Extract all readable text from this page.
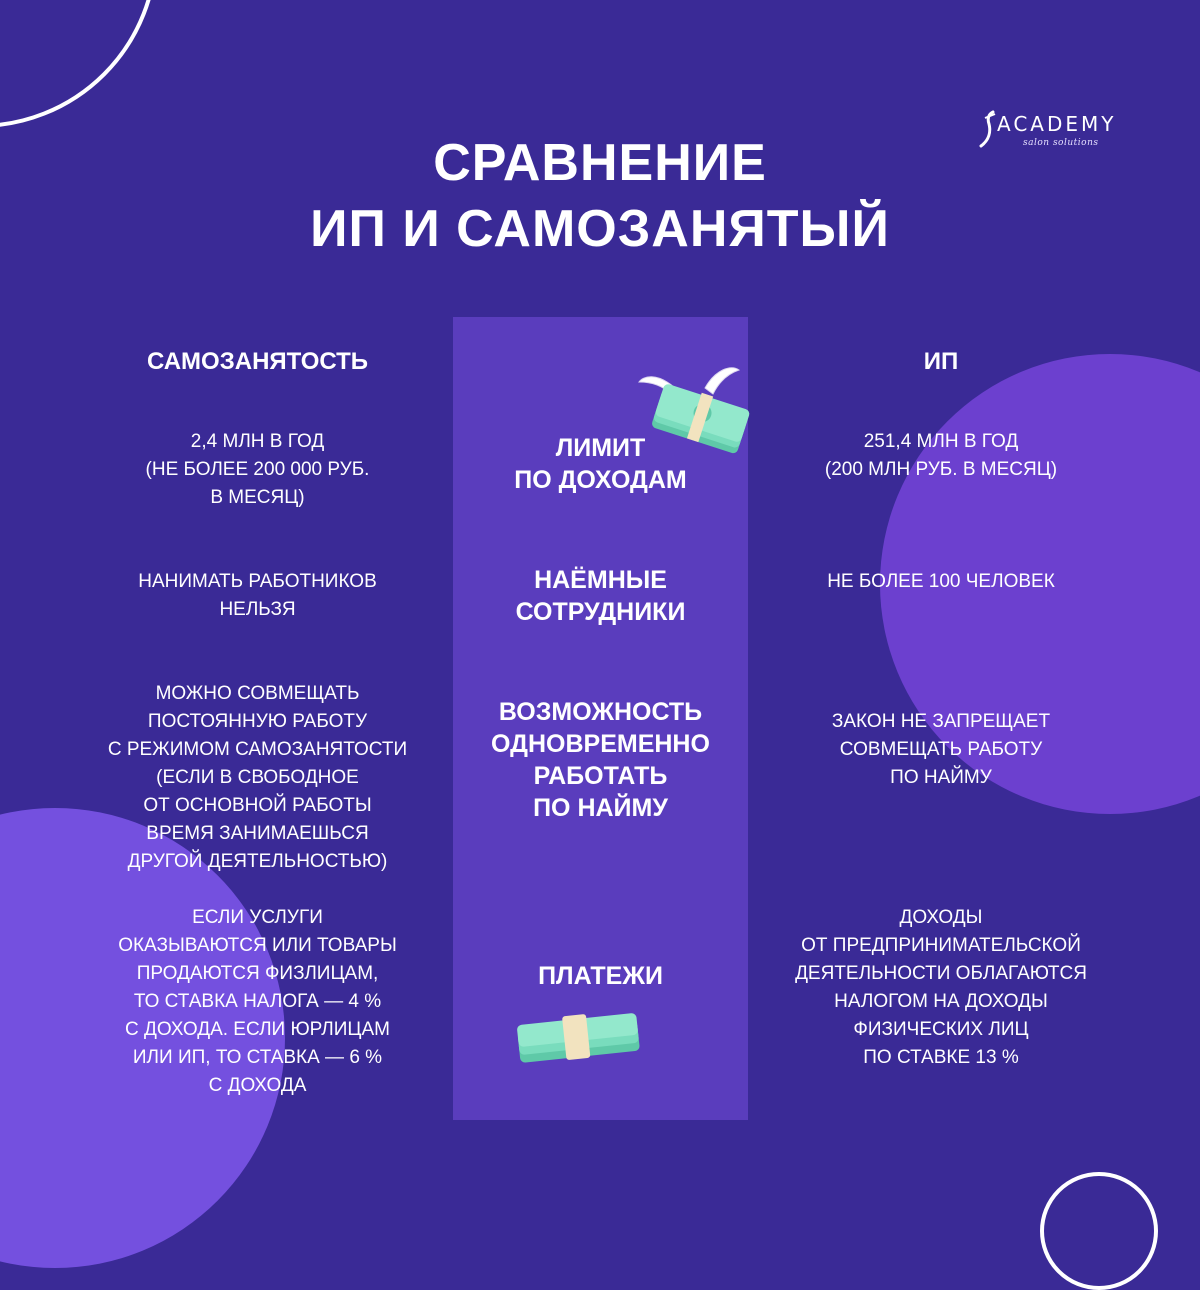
ACADEMY
salon solutions
СРАВНЕНИЕ
ИП И САМОЗАНЯТЫЙ
САМОЗАНЯТОСТЬ	ИП
2,4 МЛН В ГОД
(НЕ БОЛЕЕ 200 000 РУБ.
В МЕСЯЦ)
ЛИМИТ
ПО ДОХОДАМ
251,4 МЛН В ГОД
(200 МЛН РУБ. В МЕСЯЦ)
НАНИМАТЬ РАБОТНИКОВ
НЕЛЬЗЯ
НАЁМНЫЕ
СОТРУДНИКИ
НЕ БОЛЕЕ 100 ЧЕЛОВЕК
МОЖНО СОВМЕЩАТЬ
ПОСТОЯННУЮ РАБОТУ
С РЕЖИМОМ САМОЗАНЯТОСТИ
(ЕСЛИ В СВОБОДНОЕ
ОТ ОСНОВНОЙ РАБОТЫ
ВРЕМЯ ЗАНИМАЕШЬСЯ
ДРУГОЙ ДЕЯТЕЛЬНОСТЬЮ)
ВОЗМОЖНОСТЬ
ОДНОВРЕМЕННО
РАБОТАТЬ
ПО НАЙМУ
ЗАКОН НЕ ЗАПРЕЩАЕТ
СОВМЕЩАТЬ РАБОТУ
ПО НАЙМУ
ЕСЛИ УСЛУГИ
ОКАЗЫВАЮТСЯ ИЛИ ТОВАРЫ
ПРОДАЮТСЯ ФИЗЛИЦАМ,
ТО СТАВКА НАЛОГА — 4 %
С ДОХОДА. ЕСЛИ ЮРЛИЦАМ
ИЛИ ИП, ТО СТАВКА — 6 %
С ДОХОДА
ПЛАТЕЖИ
ДОХОДЫ
ОТ ПРЕДПРИНИМАТЕЛЬСКОЙ
ДЕЯТЕЛЬНОСТИ ОБЛАГАЮТСЯ
НАЛОГОМ НА ДОХОДЫ
ФИЗИЧЕСКИХ ЛИЦ
ПО СТАВКЕ 13 %
